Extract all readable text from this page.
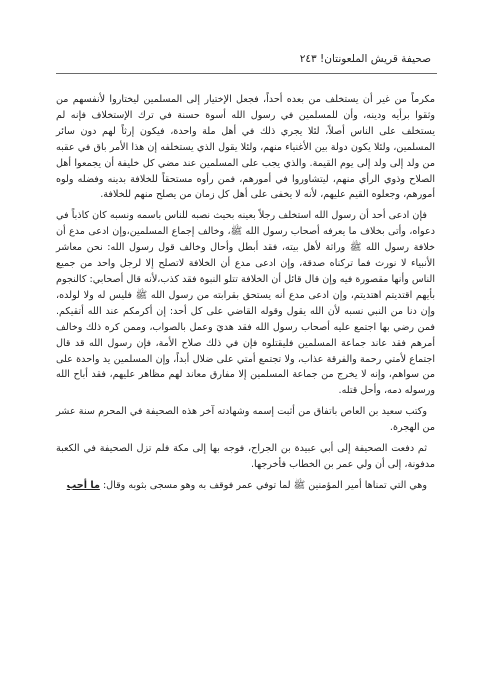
صحيفة قريش الملعونتان! ٢٤٣

مكرماً من غير أن يستخلف من بعده أحداً، فجعل الإختيار إلى المسلمين ليختاروا لأنفسهم من وثقوا برأيه ودينه، وأن للمسلمين في رسول الله أسوة حسنة في ترك الإستخلاف فإنه لم يستخلف على الناس أصلاً، لئلا يجري ذلك في أهل ملة واحدة، فيكون إرثاً لهم دون سائر المسلمين، ولئلا يكون دولة بين الأغنياء منهم، ولئلا يقول الذي يستخلفه إن هذا الأمر باق في عقبه من ولد إلى ولد إلى يوم القيمة. والذي يجب على المسلمين عند مضي كل خليفة أن يجمعوا أهل الصلاح وذوي الرأي منهم، ليتشاوروا في أمورهم، فمن رأوه مستحقاً للخلافة بدينه وفضله ولوه أمورهم، وجعلوه القيم عليهم، لأنه لا يخفى على أهل كل زمان من يصلح منهم للخلافة.

فإن ادعى أحد أن رسول الله استخلف رجلاً بعينه بحيث نصبه للناس باسمه ونسبه كان كاذباً في دعواه، وأتى بخلاف ما يعرفه أصحاب رسول الله ﷺ، وخالف إجماع المسلمين،وإن ادعى مدع أن خلافة رسول الله ﷺ وراثة لأهل بيته، فقد أبطل وأحال وخالف قول رسول الله: نحن معاشر الأنبياء لا نورث فما تركناه صدقة، وإن ادعى مدع أن الخلافة لاتصلح إلا لرجل واحد من جميع الناس وأنها مقصورة فيه وإن قال قائل أن الخلافة تتلو النبوة فقد كذب،لأنه قال أصحابي: كالنجوم بأيهم اقتديتم اهتديتم، وإن ادعى مدع أنه يستحق بقرابته من رسول الله ﷺ فليس له ولا لولده، وإن دنا من النبي نسبه لأن الله يقول وقوله القاضي على كل أحد: إن أكرمكم عند الله أتقيكم. فمن رضي بها اجتمع عليه أصحاب رسول الله فقد هديَ وعمل بالصواب، وممن كره ذلك وخالف أمرهم فقد عاند جماعة المسلمين فليقتلوه فإن في ذلك صلاح الأمة، فإن رسول الله قد قال اجتماع لأمتي رحمة والفرقة عذاب، ولا تجتمع أمتي على ضلال أبداً، وإن المسلمين يد واحدة على من سواهم، وإنه لا يخرج من جماعة المسلمين إلا مفارق معاند لهم مظاهر عليهم، فقد أباح الله ورسوله دمه، وأحل قتله.

وكتب سعيد بن العاص باتفاق من أثبت إسمه وشهادته آخر هذه الصحيفة في المحرم سنة عشر من الهجرة.

ثم دفعت الصحيفة إلى أبي عبيدة بن الجراح، فوجه بها إلى مكة فلم تزل الصحيفة في الكعبة مدفونة، إلى أن ولي عمر بن الخطاب فأخرجها.

وهي التي تمناها أمير المؤمنين ﷺ لما توفي عمر فوقف به وهو مسجى بثوبه وقال: ما أحب
